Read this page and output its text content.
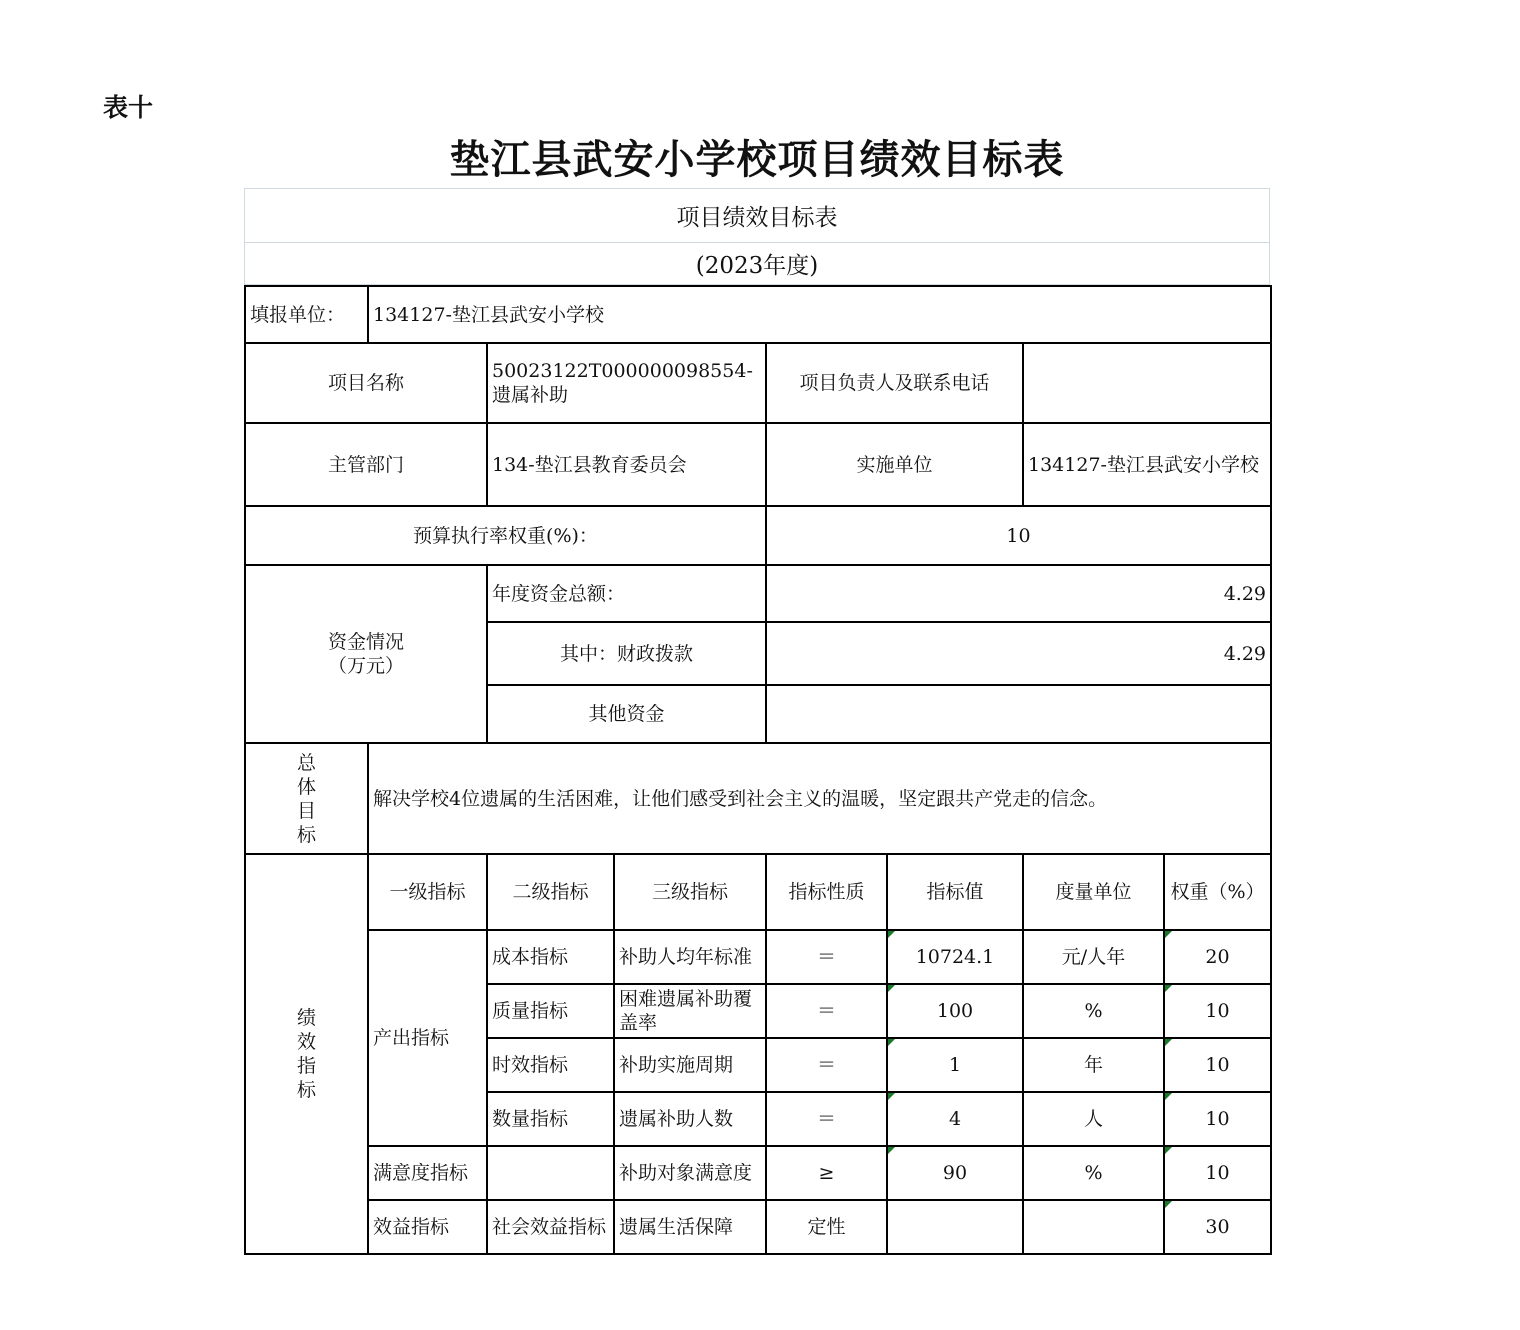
表十
垫江县武安小学校项目绩效目标表
项目绩效目标表
(2023年度)
填报单位：	134127-垫江县武安小学校						
项目名称		50023122T000000098554-遗属补助		项目负责人及联系电话			
主管部门		134-垫江县教育委员会		实施单位		134127-垫江县武安小学校	
预算执行率权重(%)：				10			

资金情况
（万元）		年度资金总额：		4.29			
		其中：财政拨款		4.29			
		其他资金					

总
体
目
标	解决学校4位遗属的生活困难，让他们感受到社会主义的温暖，坚定跟共产党走的信念。						

绩
效
指
标	一级指标	二级指标	三级指标	指标性质	指标值	度量单位	权重（%）
	产出指标	成本指标	补助人均年标准	＝	10724.1	元/人年	20
		质量指标	困难遗属补助覆盖率	＝	100	%	10
		时效指标	补助实施周期	＝	1	年	10
		数量指标	遗属补助人数	＝	4	人	10
	满意度指标		补助对象满意度	≥	90	%	10
	效益指标	社会效益指标	遗属生活保障	定性			30
